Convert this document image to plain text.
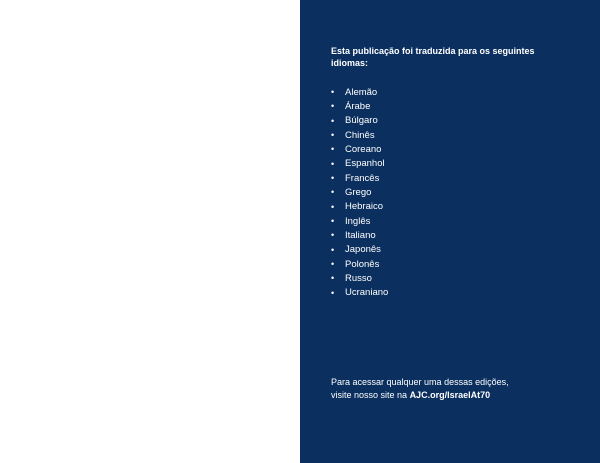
Esta publicação foi traduzida para os seguintes idiomas:

•	Alemão
•	Árabe
•	Búlgaro
•	Chinês
•	Coreano
•	Espanhol
•	Francês
•	Grego
•	Hebraico
•	Inglês
•	Italiano
•	Japonês
•	Polonês
•	Russo
•	Ucraniano

Para acessar qualquer uma dessas edições,
visite nosso site na AJC.org/IsraelAt70
